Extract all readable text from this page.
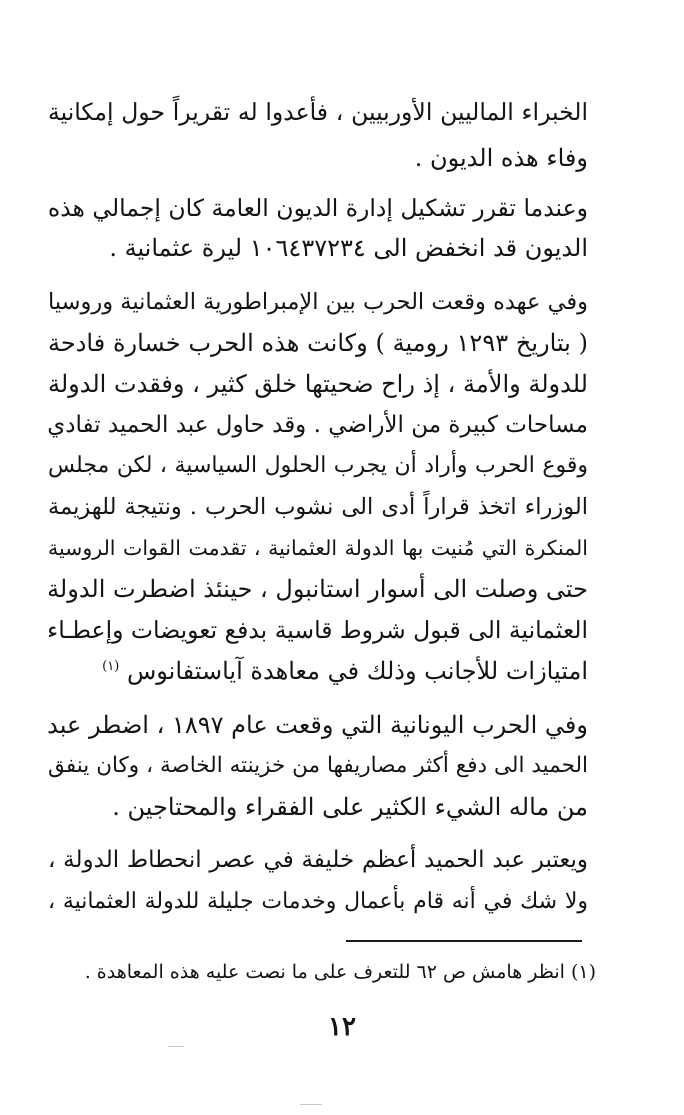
الخبراء الماليين الأوربيين ، فأعدوا له تقريراً حول إمكانية
وفاء هذه الديون .
وعندما تقرر تشكيل إدارة الديون العامة كان إجمالي هذه
الديون قد انخفض الى ١٠٦٤٣٧٢٣٤ ليرة عثمانية .
وفي عهده وقعت الحرب بين الإمبراطورية العثمانية وروسيا
( بتاريخ ١٢٩٣ رومية ) وكانت هذه الحرب خسارة فادحة
للدولة والأمة ، إذ راح ضحيتها خلق كثير ، وفقدت الدولة
مساحات كبيرة من الأراضي . وقد حاول عبد الحميد تفادي
وقوع الحرب وأراد أن يجرب الحلول السياسية ، لكن مجلس
الوزراء اتخذ قراراً أدى الى نشوب الحرب . ونتيجة للهزيمة
المنكرة التي مُنيت بها الدولة العثمانية ، تقدمت القوات الروسية
حتى وصلت الى أسوار استانبول ، حينئذ اضطرت الدولة
العثمانية الى قبول شروط قاسية بدفع تعويضات وإعطـاء
امتيازات للأجانب وذلك في معاهدة آياستفانوس $^{(١)}$
وفي الحرب اليونانية التي وقعت عام ١٨٩٧ ، اضطر عبد
الحميد الى دفع أكثر مصاريفها من خزينته الخاصة ، وكان ينفق
من ماله الشيء الكثير على الفقراء والمحتاجين .
ويعتبر عبد الحميد أعظم خليفة في عصر انحطاط الدولة ،
ولا شك في أنه قام بأعمال وخدمات جليلة للدولة العثمانية ،
(١) انظر هامش ص ٦٢ للتعرف على ما نصت عليه هذه المعاهدة .
١٢
